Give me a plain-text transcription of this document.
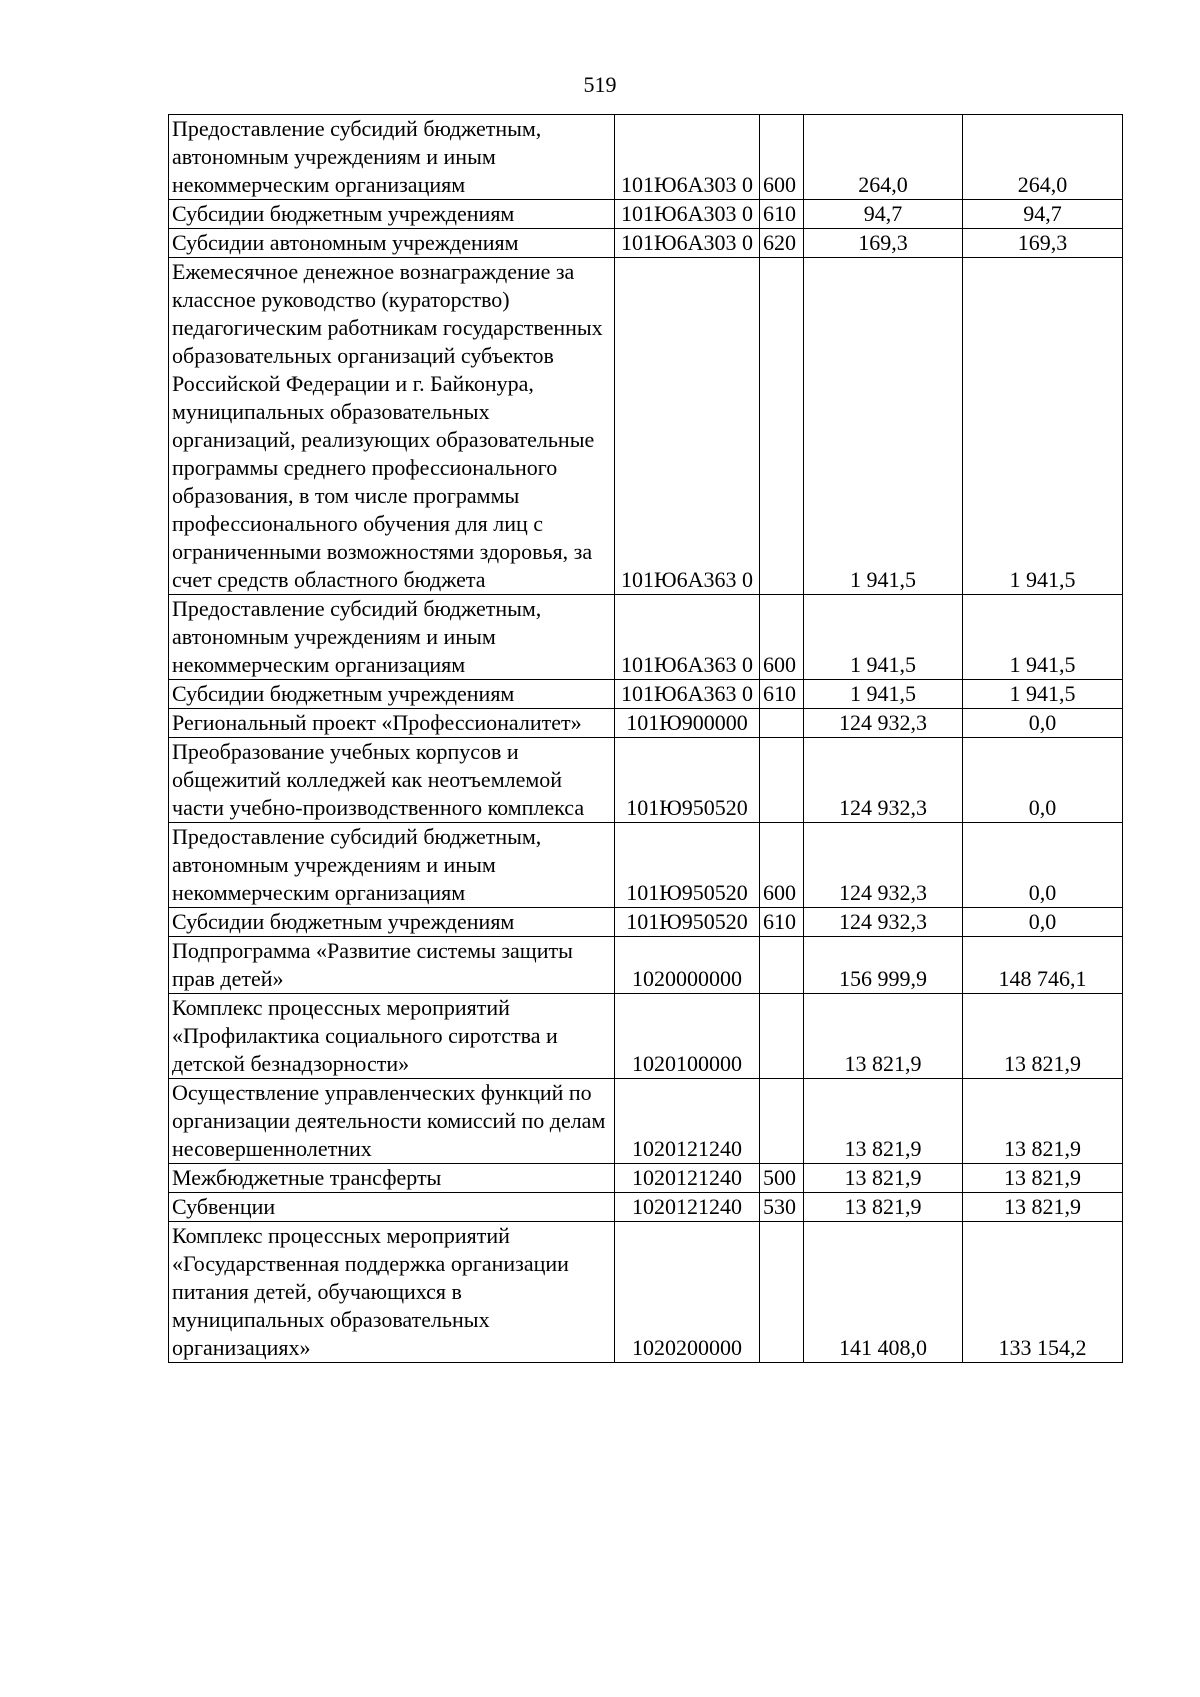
519
Предоставление субсидий бюджетным, автономным учреждениям и иным некоммерческим организациям	101Ю6А303 0	600	264,0	264,0
Субсидии бюджетным учреждениям	101Ю6А303 0	610	94,7	94,7
Субсидии автономным учреждениям	101Ю6А303 0	620	169,3	169,3
Ежемесячное денежное вознаграждение за классное руководство (кураторство) педагогическим работникам государственных образовательных организаций субъектов Российской Федерации и г. Байконура, муниципальных образовательных организаций, реализующих образовательные программы среднего профессионального образования, в том числе программы профессионального обучения для лиц с ограниченными возможностями здоровья, за счет средств областного бюджета	101Ю6А363 0		1 941,5	1 941,5
Предоставление субсидий бюджетным, автономным учреждениям и иным некоммерческим организациям	101Ю6А363 0	600	1 941,5	1 941,5
Субсидии бюджетным учреждениям	101Ю6А363 0	610	1 941,5	1 941,5
Региональный проект «Профессионалитет»	101Ю900000		124 932,3	0,0
Преобразование учебных корпусов и общежитий колледжей как неотъемлемой части учебно-производственного комплекса	101Ю950520		124 932,3	0,0
Предоставление субсидий бюджетным, автономным учреждениям и иным некоммерческим организациям	101Ю950520	600	124 932,3	0,0
Субсидии бюджетным учреждениям	101Ю950520	610	124 932,3	0,0
Подпрограмма «Развитие системы защиты прав детей»	1020000000		156 999,9	148 746,1
Комплекс процессных мероприятий «Профилактика социального сиротства и детской безнадзорности»	1020100000		13 821,9	13 821,9
Осуществление управленческих функций по организации деятельности комиссий по делам несовершеннолетних	1020121240		13 821,9	13 821,9
Межбюджетные трансферты	1020121240	500	13 821,9	13 821,9
Субвенции	1020121240	530	13 821,9	13 821,9
Комплекс процессных мероприятий «Государственная поддержка организации питания детей, обучающихся в муниципальных образовательных организациях»	1020200000		141 408,0	133 154,2
